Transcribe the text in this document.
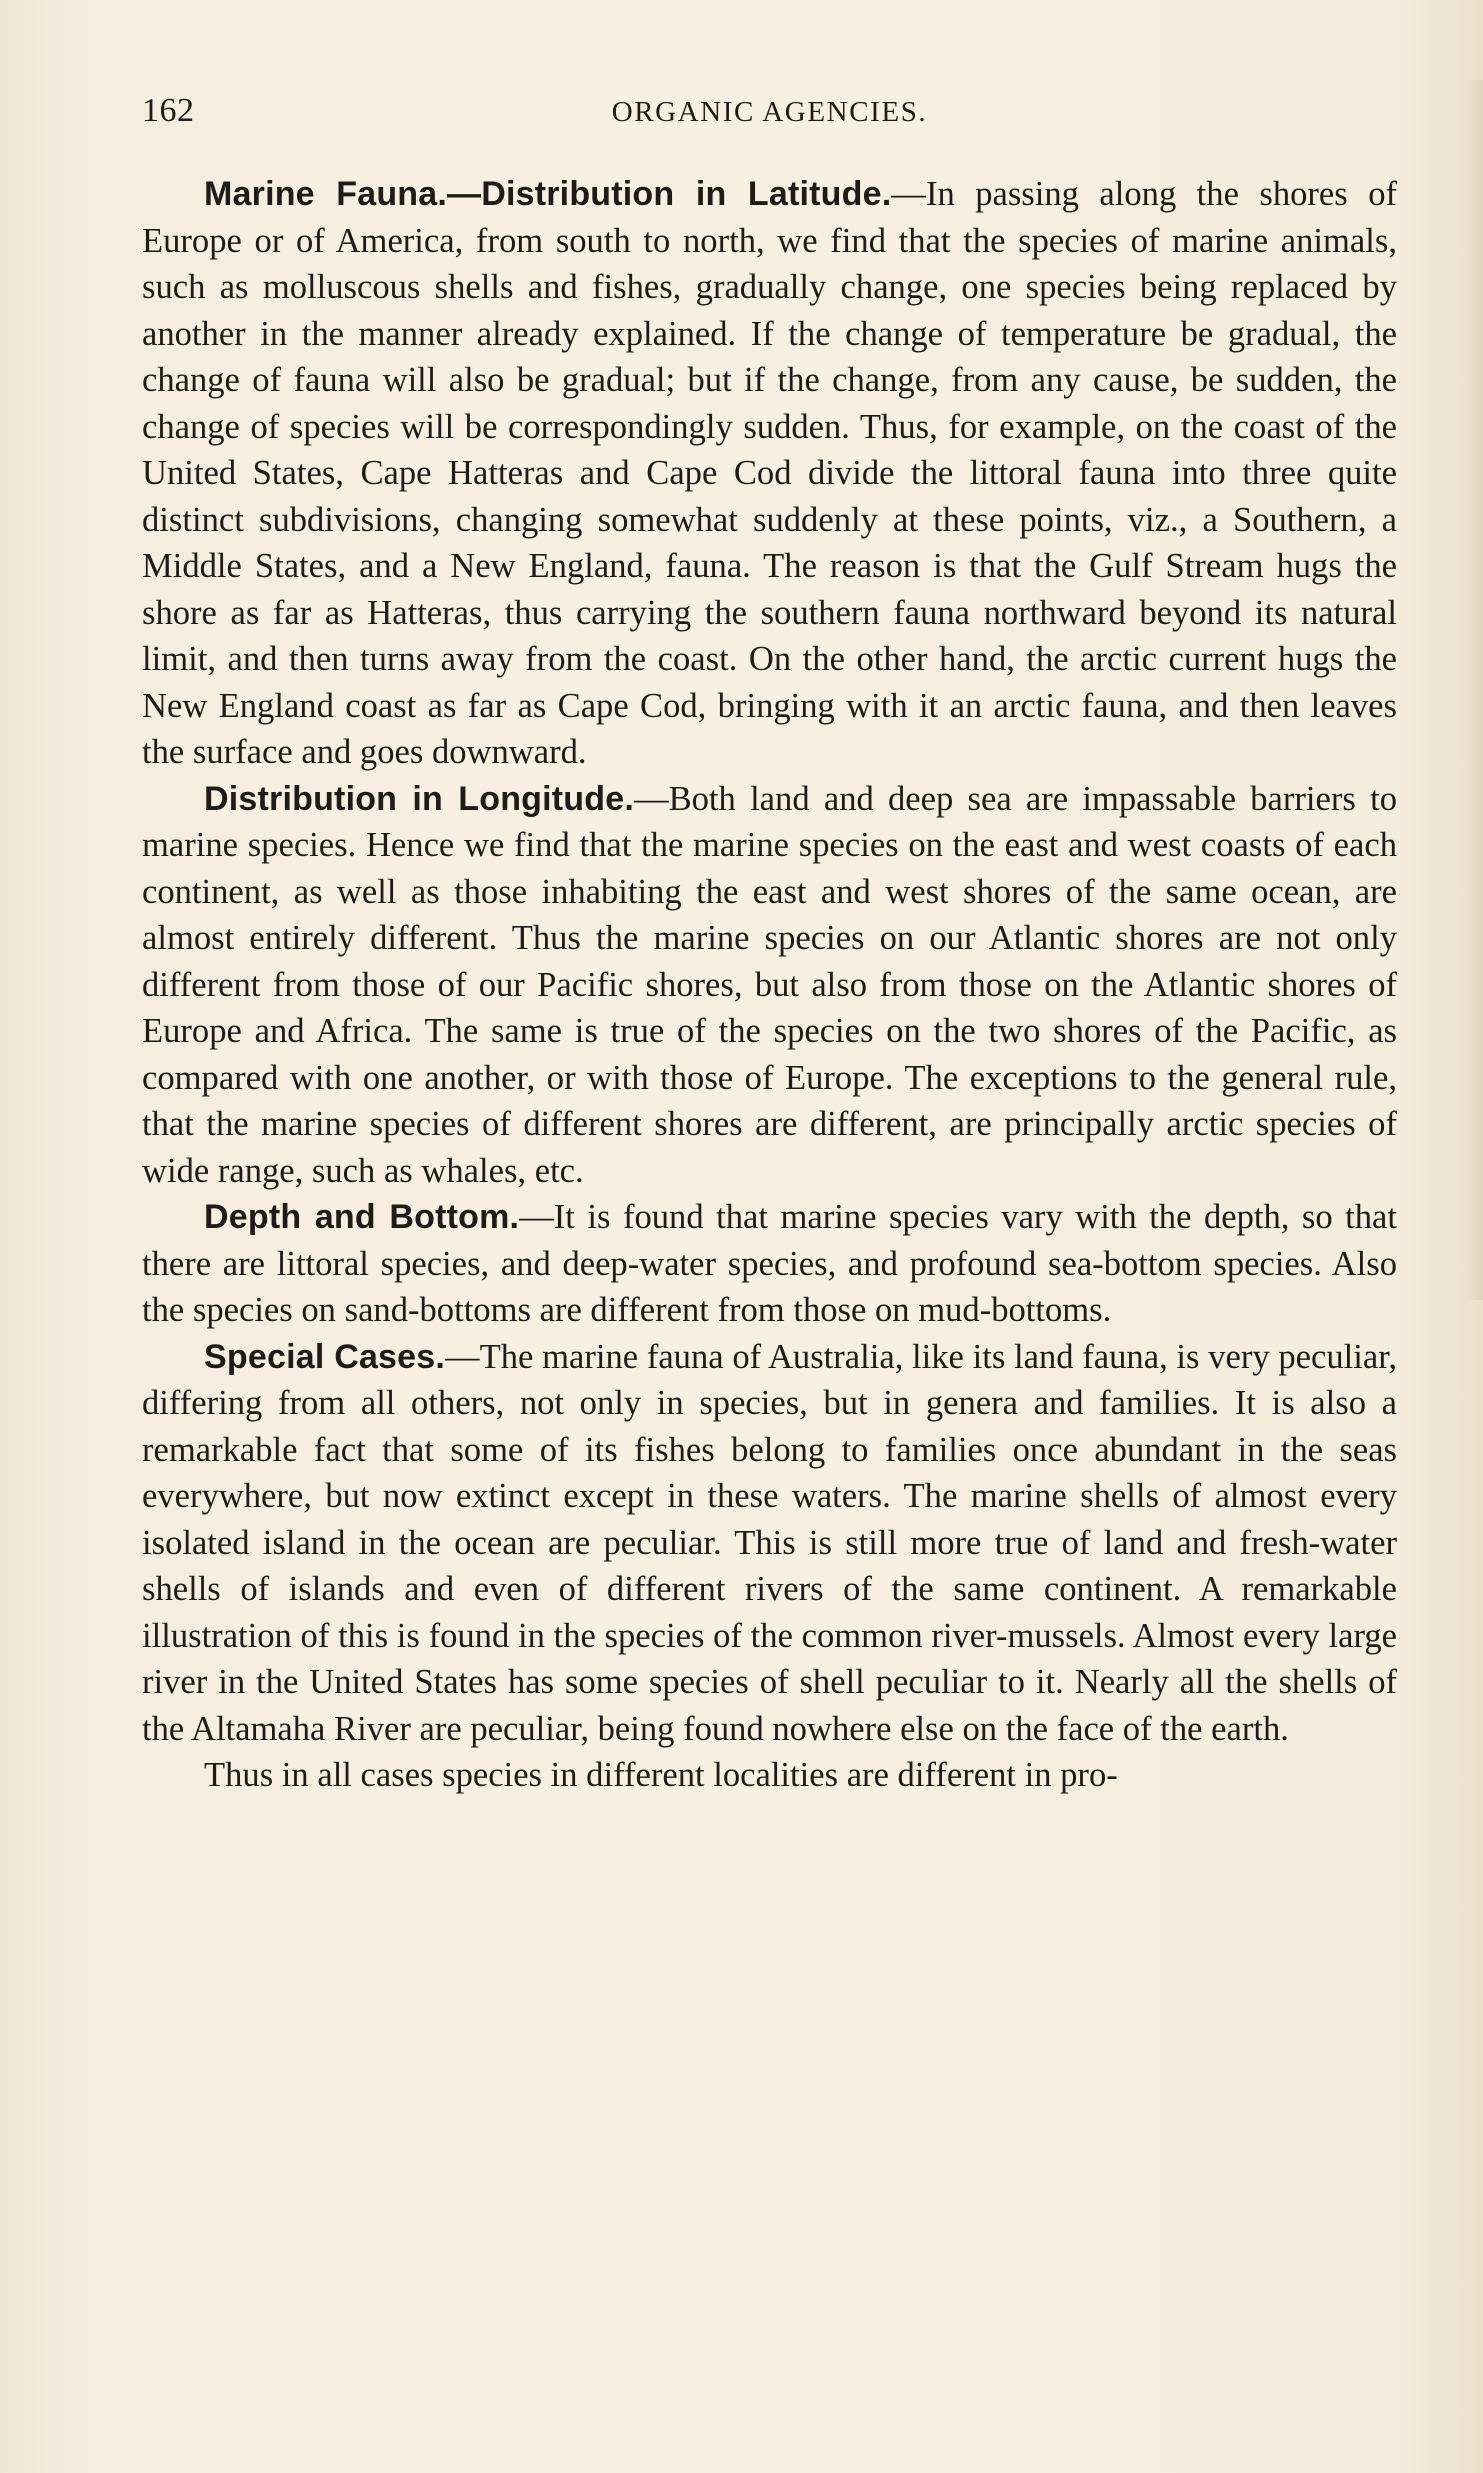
162	ORGANIC AGENCIES.

Marine Fauna.—Distribution in Latitude.—In passing along the shores of Europe or of America, from south to north, we find that the species of marine animals, such as molluscous shells and fishes, gradually change, one species being replaced by another in the manner already explained. If the change of temperature be gradual, the change of fauna will also be gradual; but if the change, from any cause, be sudden, the change of species will be correspondingly sudden. Thus, for example, on the coast of the United States, Cape Hatteras and Cape Cod divide the littoral fauna into three quite distinct subdivisions, changing somewhat suddenly at these points, viz., a Southern, a Middle States, and a New England, fauna. The reason is that the Gulf Stream hugs the shore as far as Hatteras, thus carrying the southern fauna northward beyond its natural limit, and then turns away from the coast. On the other hand, the arctic current hugs the New England coast as far as Cape Cod, bringing with it an arctic fauna, and then leaves the surface and goes downward.

Distribution in Longitude.—Both land and deep sea are impassable barriers to marine species. Hence we find that the marine species on the east and west coasts of each continent, as well as those inhabiting the east and west shores of the same ocean, are almost entirely different. Thus the marine species on our Atlantic shores are not only different from those of our Pacific shores, but also from those on the Atlantic shores of Europe and Africa. The same is true of the species on the two shores of the Pacific, as compared with one another, or with those of Europe. The exceptions to the general rule, that the marine species of different shores are different, are principally arctic species of wide range, such as whales, etc.

Depth and Bottom.—It is found that marine species vary with the depth, so that there are littoral species, and deep-water species, and profound sea-bottom species. Also the species on sand-bottoms are different from those on mud-bottoms.

Special Cases.—The marine fauna of Australia, like its land fauna, is very peculiar, differing from all others, not only in species, but in genera and families. It is also a remarkable fact that some of its fishes belong to families once abundant in the seas everywhere, but now extinct except in these waters. The marine shells of almost every isolated island in the ocean are peculiar. This is still more true of land and fresh-water shells of islands and even of different rivers of the same continent. A remarkable illustration of this is found in the species of the common river-mussels. Almost every large river in the United States has some species of shell peculiar to it. Nearly all the shells of the Altamaha River are peculiar, being found nowhere else on the face of the earth.

Thus in all cases species in different localities are different in pro-
